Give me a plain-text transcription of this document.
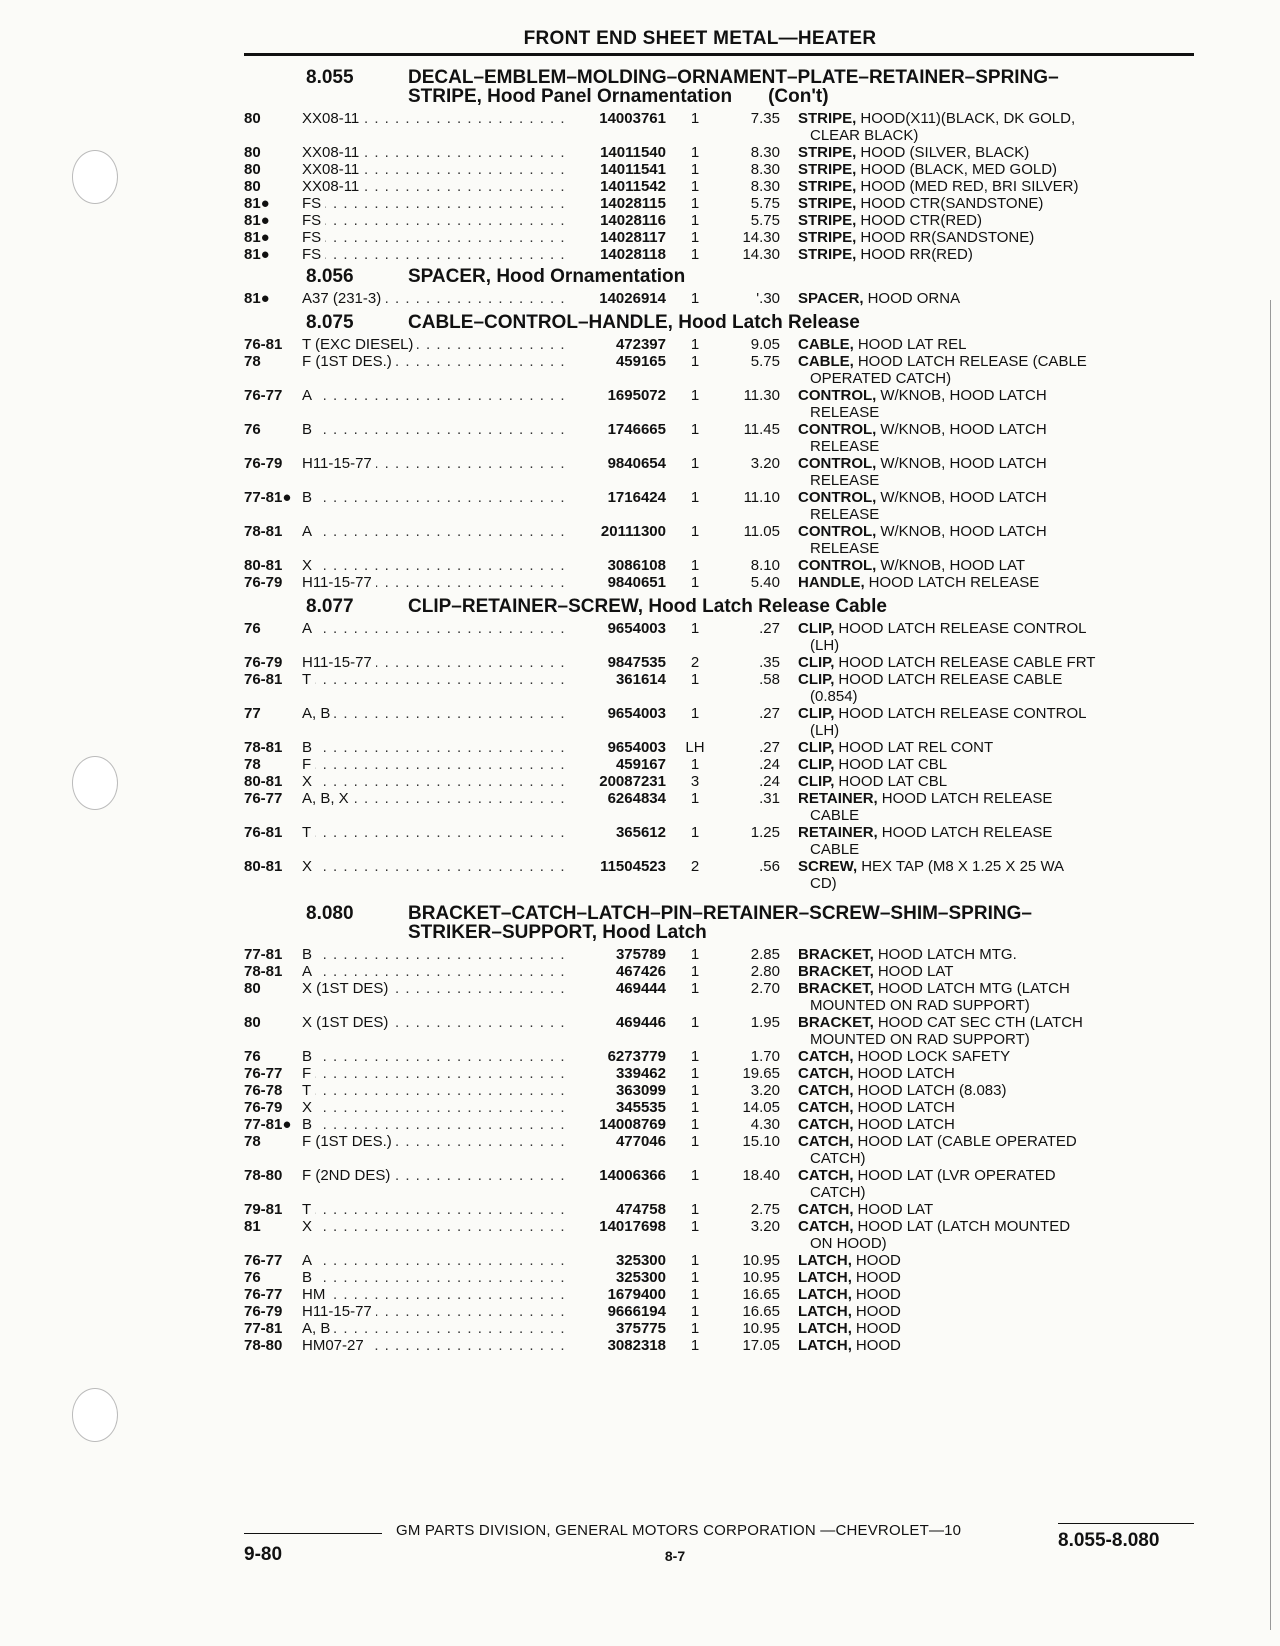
FRONT END SHEET METAL—HEATER
8.055	DECAL–EMBLEM–MOLDING–ORNAMENT–PLATE–RETAINER–SPRING–
STRIPE, Hood Panel Ornamentation (Con't)
80	XX08-11 . . .	14003761	1	7.35	STRIPE, HOOD(X11)(BLACK, DK GOLD,
CLEAR BLACK)
80	XX08-11 . . .	14011540	1	8.30	STRIPE, HOOD (SILVER, BLACK)
80	XX08-11 . . .	14011541	1	8.30	STRIPE, HOOD (BLACK, MED GOLD)
80	XX08-11 . . .	14011542	1	8.30	STRIPE, HOOD (MED RED, BRI SILVER)
81●	FS . . .	14028115	1	5.75	STRIPE, HOOD CTR(SANDSTONE)
81●	FS . . .	14028116	1	5.75	STRIPE, HOOD CTR(RED)
81●	FS . . .	14028117	1	14.30	STRIPE, HOOD RR(SANDSTONE)
81●	FS . . .	14028118	1	14.30	STRIPE, HOOD RR(RED)
8.056	SPACER, Hood Ornamentation
81●	A37 (231-3) . . .	14026914	1	'.30	SPACER, HOOD ORNA
8.075	CABLE–CONTROL–HANDLE, Hood Latch Release
76-81	T (EXC DIESEL) . . .	472397	1	9.05	CABLE, HOOD LAT REL
78	F (1ST DES.) . . .	459165	1	5.75	CABLE, HOOD LATCH RELEASE (CABLE
OPERATED CATCH)
76-77	A . . .	1695072	1	11.30	CONTROL, W/KNOB, HOOD LATCH
RELEASE
76	B . . .	1746665	1	11.45	CONTROL, W/KNOB, HOOD LATCH
RELEASE
76-79	H11-15-77 . . .	9840654	1	3.20	CONTROL, W/KNOB, HOOD LATCH
RELEASE
77-81● B . . .	1716424	1	11.10	CONTROL, W/KNOB, HOOD LATCH
RELEASE
78-81	A . . .	20111300	1	11.05	CONTROL, W/KNOB, HOOD LATCH
RELEASE
80-81	X . . .	3086108	1	8.10	CONTROL, W/KNOB, HOOD LAT
76-79	H11-15-77 . . .	9840651	1	5.40	HANDLE, HOOD LATCH RELEASE
8.077	CLIP–RETAINER–SCREW, Hood Latch Release Cable
76	A . . .	9654003	1	.27	CLIP, HOOD LATCH RELEASE CONTROL
(LH)
76-79	H11-15-77 . . .	9847535	2	.35	CLIP, HOOD LATCH RELEASE CABLE FRT
76-81	T . . .	361614	1	.58	CLIP, HOOD LATCH RELEASE CABLE
(0.854)
77	A, B . . .	9654003	1	.27	CLIP, HOOD LATCH RELEASE CONTROL
(LH)
78-81	B . . .	9654003	LH	.27	CLIP, HOOD LAT REL CONT
78	F . . .	459167	1	.24	CLIP, HOOD LAT CBL
80-81	X . . .	20087231	3	.24	CLIP, HOOD LAT CBL
76-77	A, B, X . . .	6264834	1	.31	RETAINER, HOOD LATCH RELEASE
CABLE
76-81	T . . .	365612	1	1.25	RETAINER, HOOD LATCH RELEASE
CABLE
80-81	X . . .	11504523	2	.56	SCREW, HEX TAP (M8 X 1.25 X 25 WA
CD)
8.080	BRACKET–CATCH–LATCH–PIN–RETAINER–SCREW–SHIM–SPRING–
STRIKER–SUPPORT, Hood Latch
77-81	B . . .	375789	1	2.85	BRACKET, HOOD LATCH MTG.
78-81	A . . .	467426	1	2.80	BRACKET, HOOD LAT
80	X (1ST DES) . . .	469444	1	2.70	BRACKET, HOOD LATCH MTG (LATCH
MOUNTED ON RAD SUPPORT)
80	X (1ST DES) . . .	469446	1	1.95	BRACKET, HOOD CAT SEC CTH (LATCH
MOUNTED ON RAD SUPPORT)
76	B . . .	6273779	1	1.70	CATCH, HOOD LOCK SAFETY
76-77	F . . .	339462	1	19.65	CATCH, HOOD LATCH
76-78	T . . .	363099	1	3.20	CATCH, HOOD LATCH (8.083)
76-79	X . . .	345535	1	14.05	CATCH, HOOD LATCH
77-81● B . . .	14008769	1	4.30	CATCH, HOOD LATCH
78	F (1ST DES.) . . .	477046	1	15.10	CATCH, HOOD LAT (CABLE OPERATED
CATCH)
78-80	F (2ND DES) . . .	14006366	1	18.40	CATCH, HOOD LAT (LVR OPERATED
CATCH)
79-81	T . . .	474758	1	2.75	CATCH, HOOD LAT
81	X . . .	14017698	1	3.20	CATCH, HOOD LAT (LATCH MOUNTED
ON HOOD)
76-77	A . . .	325300	1	10.95	LATCH, HOOD
76	B . . .	325300	1	10.95	LATCH, HOOD
76-77	HM . . .	1679400	1	16.65	LATCH, HOOD
76-79	H11-15-77 . . .	9666194	1	16.65	LATCH, HOOD
77-81	A, B . . .	375775	1	10.95	LATCH, HOOD
78-80	HM07-27 . . .	3082318	1	17.05	LATCH, HOOD
GM PARTS DIVISION, GENERAL MOTORS CORPORATION —CHEVROLET—10
9-80	8-7
8.055-8.080
